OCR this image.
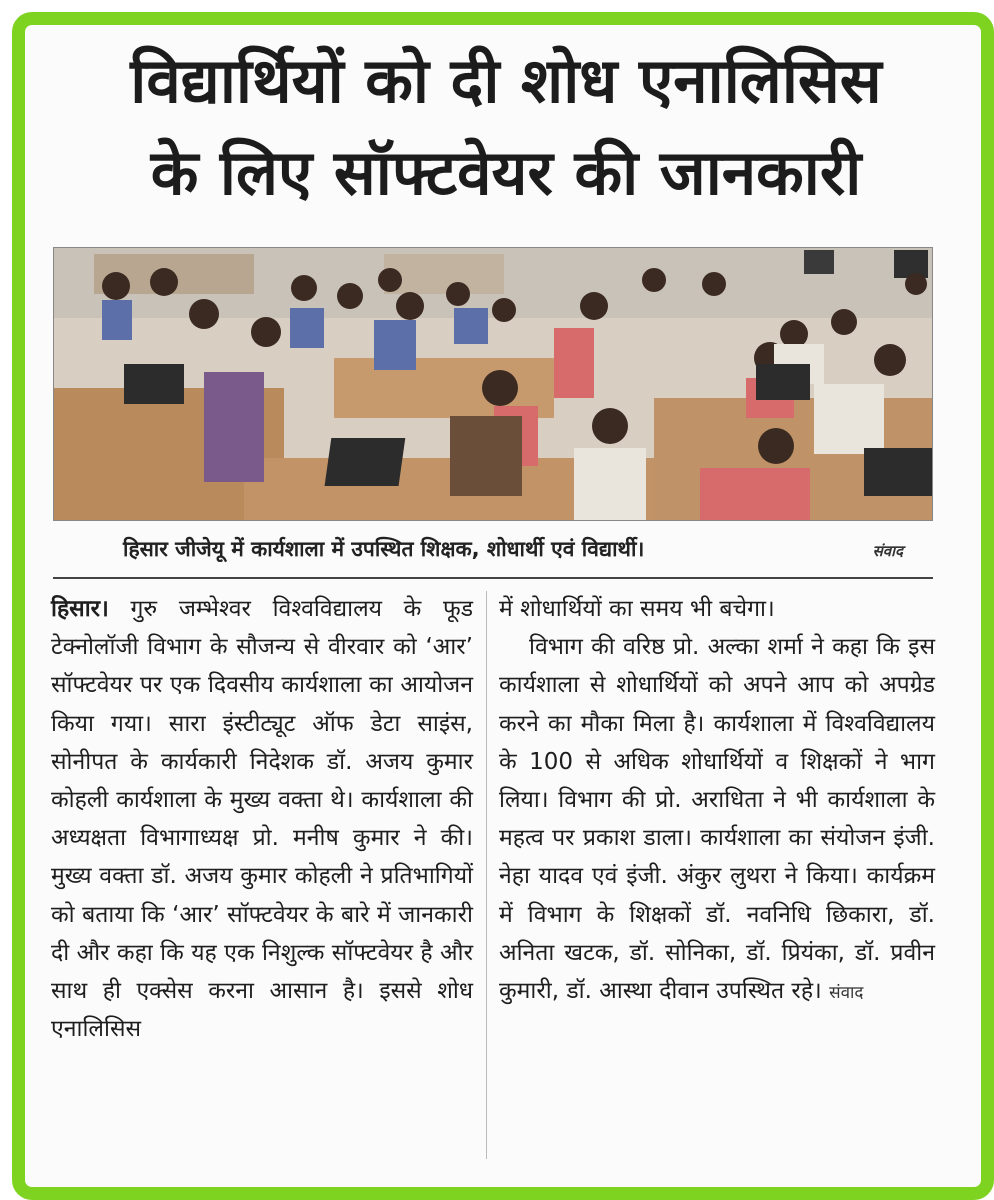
विद्यार्थियों को दी शोध एनालिसिस
के लिए सॉफ्टवेयर की जानकारी
हिसार जीजेयू में कार्यशाला में उपस्थित शिक्षक, शोधार्थी एवं विद्यार्थी।	संवाद

हिसार। गुरु जम्भेश्वर विश्वविद्यालय के फूड टेक्नोलॉजी विभाग के सौजन्य से वीरवार को ‘आर’ सॉफ्टवेयर पर एक दिवसीय कार्यशाला का आयोजन किया गया। सारा इंस्टीट्यूट ऑफ डेटा साइंस, सोनीपत के कार्यकारी निदेशक डॉ. अजय कुमार कोहली कार्यशाला के मुख्य वक्ता थे। कार्यशाला की अध्यक्षता विभागाध्यक्ष प्रो. मनीष कुमार ने की। मुख्य वक्ता डॉ. अजय कुमार कोहली ने प्रतिभागियों को बताया कि ‘आर’ सॉफ्टवेयर के बारे में जानकारी दी और कहा कि यह एक निशुल्क सॉफ्टवेयर है और साथ ही एक्सेस करना आसान है। इससे शोध एनालिसिस

में शोधार्थियों का समय भी बचेगा।

विभाग की वरिष्ठ प्रो. अल्का शर्मा ने कहा कि इस कार्यशाला से शोधार्थियों को अपने आप को अपग्रेड करने का मौका मिला है। कार्यशाला में विश्वविद्यालय के 100 से अधिक शोधार्थियों व शिक्षकों ने भाग लिया। विभाग की प्रो. अराधिता ने भी कार्यशाला के महत्व पर प्रकाश डाला। कार्यशाला का संयोजन इंजी. नेहा यादव एवं इंजी. अंकुर लुथरा ने किया। कार्यक्रम में विभाग के शिक्षकों डॉ. नवनिधि छिकारा, डॉ. अनिता खटक, डॉ. सोनिका, डॉ. प्रियंका, डॉ. प्रवीन कुमारी, डॉ. आस्था दीवान उपस्थित रहे। संवाद
